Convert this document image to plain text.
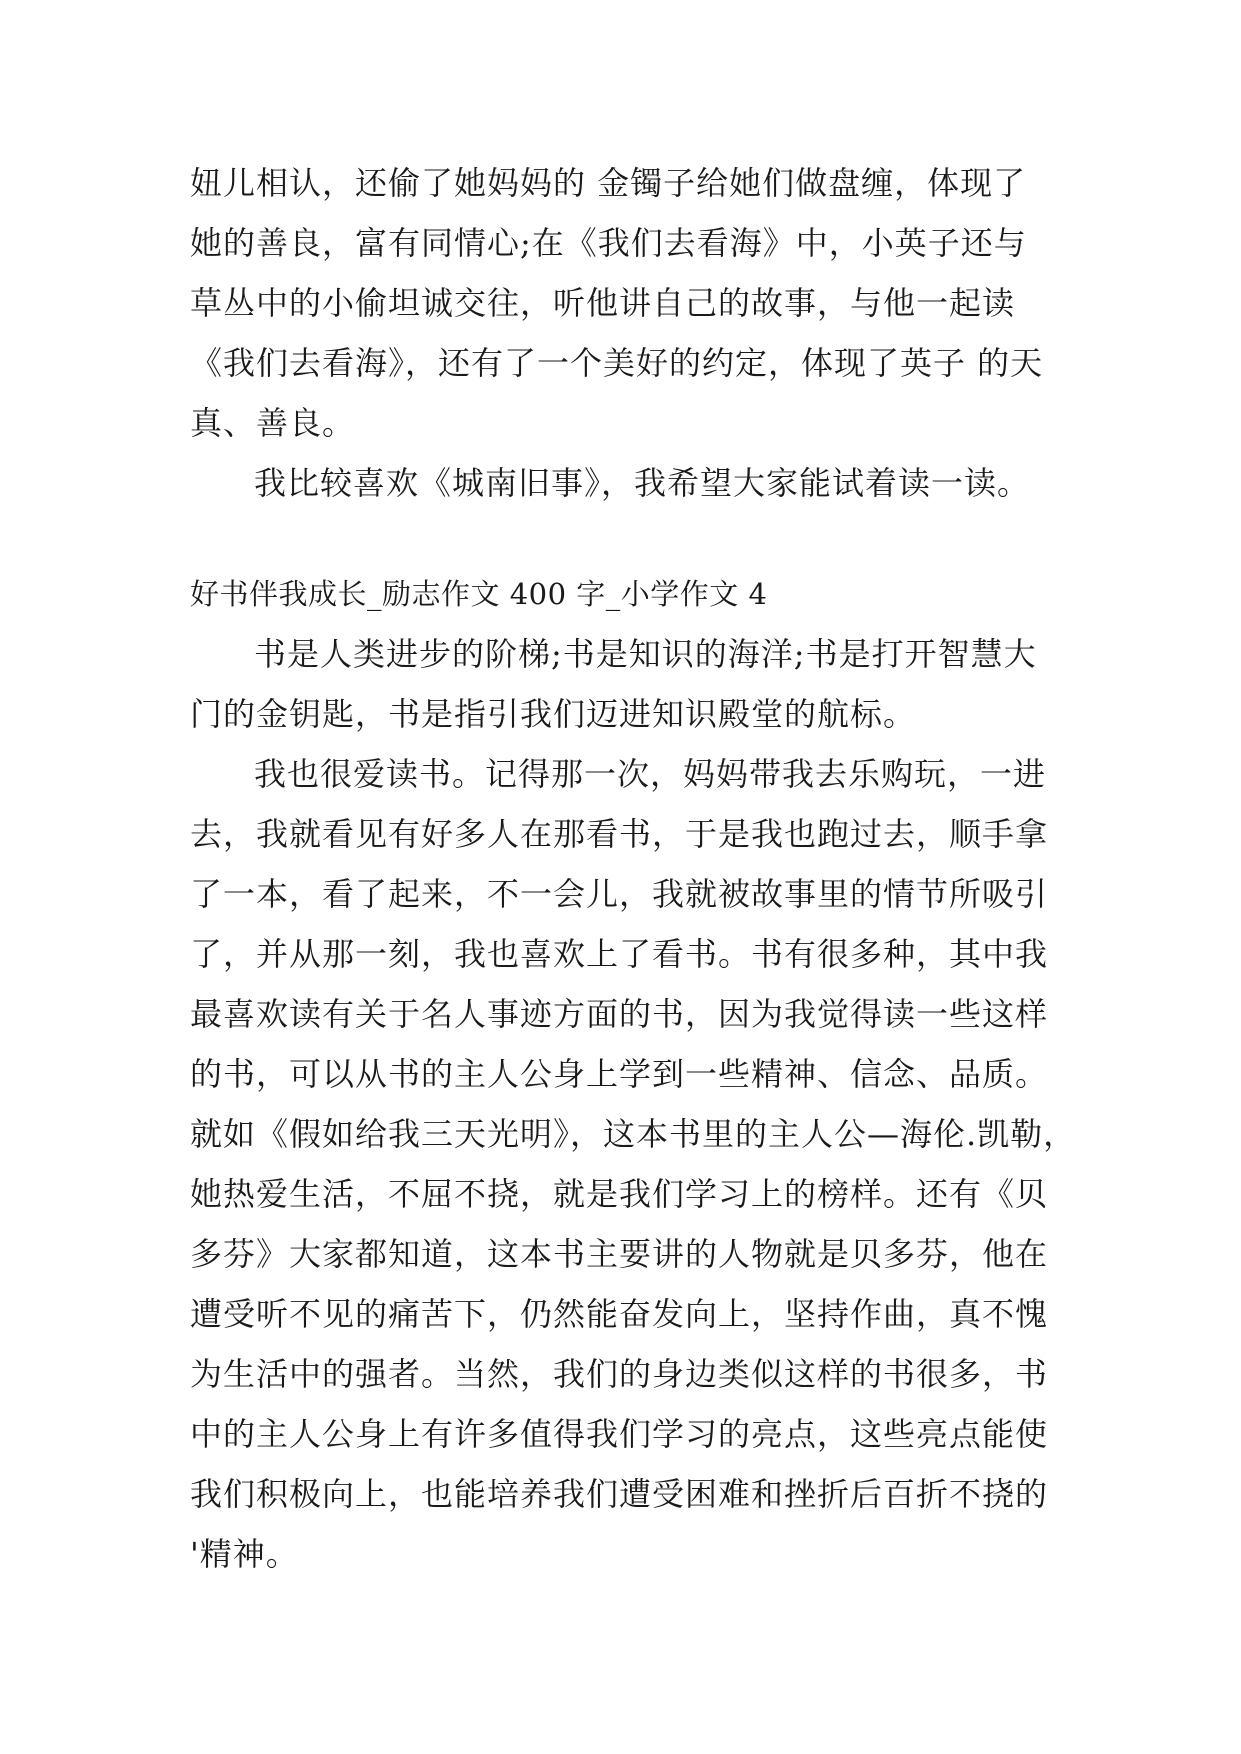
妞儿相认，还偷了她妈妈的 金镯子给她们做盘缠，体现了
她的善良，富有同情心;在《我们去看海》中，小英子还与
草丛中的小偷坦诚交往，听他讲自己的故事，与他一起读
《我们去看海》，还有了一个美好的约定，体现了英子 的天
真、善良。
我比较喜欢《城南旧事》，我希望大家能试着读一读。
好书伴我成长_励志作文 400 字_小学作文 4
书是人类进步的阶梯;书是知识的海洋;书是打开智慧大
门的金钥匙，书是指引我们迈进知识殿堂的航标。
我也很爱读书。记得那一次，妈妈带我去乐购玩，一进
去，我就看见有好多人在那看书，于是我也跑过去，顺手拿
了一本，看了起来，不一会儿，我就被故事里的情节所吸引
了，并从那一刻，我也喜欢上了看书。书有很多种，其中我
最喜欢读有关于名人事迹方面的书，因为我觉得读一些这样
的书，可以从书的主人公身上学到一些精神、信念、品质。
就如《假如给我三天光明》，这本书里的主人公—海伦.凯勒，
她热爱生活，不屈不挠，就是我们学习上的榜样。还有《贝
多芬》大家都知道，这本书主要讲的人物就是贝多芬，他在
遭受听不见的痛苦下，仍然能奋发向上，坚持作曲，真不愧
为生活中的强者。当然，我们的身边类似这样的书很多，书
中的主人公身上有许多值得我们学习的亮点，这些亮点能使
我们积极向上，也能培养我们遭受困难和挫折后百折不挠的
'精神。
